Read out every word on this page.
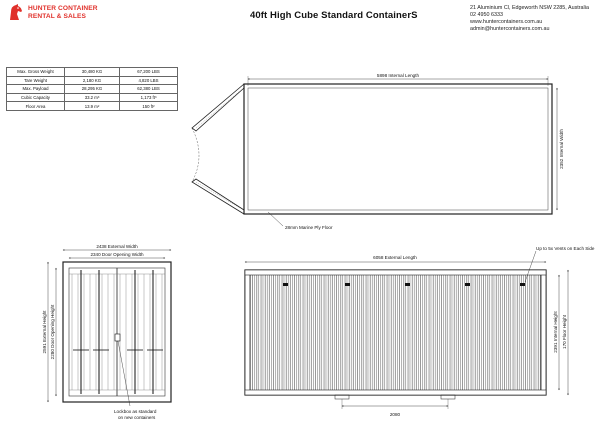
HUNTER CONTAINER
RENTAL & SALES	40ft High Cube Standard ContainerS
21 Aluminium Cl, Edgeworth NSW 2285, Australia
02 4950 6333
www.huntercontainers.com.au
admin@huntercontainers.com.au
Max. Gross Weight	30,480 KG	67,200 LBS
Tare Weight	2,180 KG	4,820 LBS
Max. Payload	28,295 KG	62,380 LBS
Cubic Capacity	33.2 m³	1,173 ft³
Floor Area	13.9 m²	150 ft²
5898 Internal Length
2352 Internal Width
28mm Marine Ply Floor
2438 External Width
2340 Door Opening Width
2591 External Height 2280 Door Opening Height
Lockbox as standard
on new containers
6058 External Length
Up to 5x Vents on Each Side
2391 Internal Height 170 Floor Height
2080
